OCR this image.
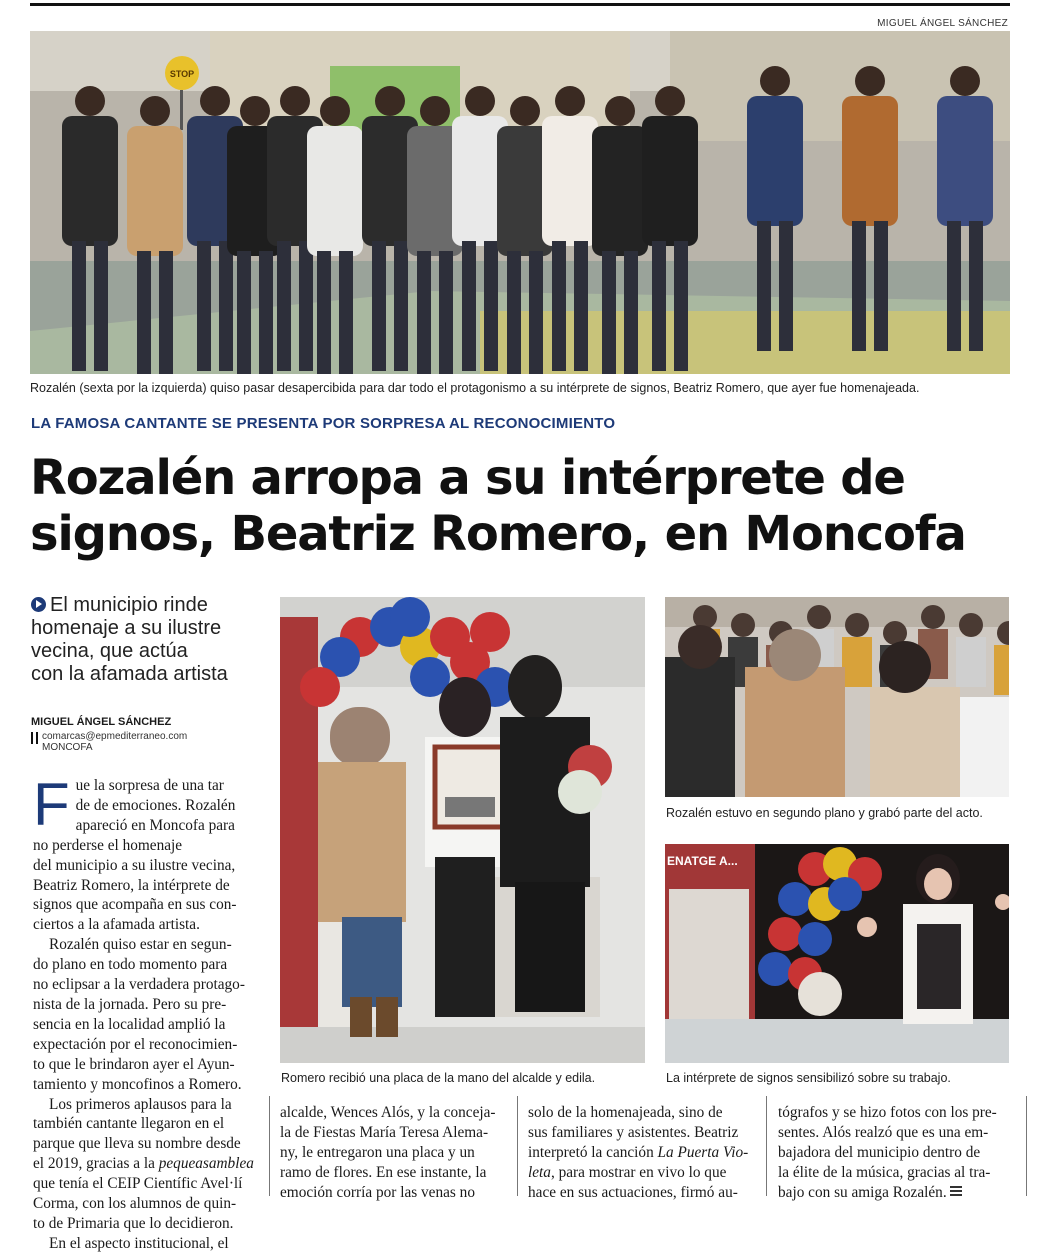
MIGUEL ÁNGEL SÁNCHEZ
STOP
Rozalén (sexta por la izquierda) quiso pasar desapercibida para dar todo el protagonismo a su intérprete de signos, Beatriz Romero, que ayer fue homenajeada.
LA FAMOSA CANTANTE SE PRESENTA POR SORPRESA AL RECONOCIMIENTO
Rozalén arropa a su intérprete de
signos, Beatriz Romero, en Moncofa
El municipio rinde
homenaje a su ilustre
vecina, que actúa
con la afamada artista
MIGUEL ÁNGEL SÁNCHEZ
comarcas@epmediterraneo.com
MONCOFA
F ue la sorpresa de una tar

de de emociones. Rozalén

apareció en Moncofa para

no perderse el homenaje

del municipio a su ilustre vecina,

Beatriz Romero, la intérprete de

signos que acompaña en sus con-

ciertos a la afamada artista.

Rozalén quiso estar en segun-

do plano en todo momento para

no eclipsar a la verdadera protago-

nista de la jornada. Pero su pre-

sencia en la localidad amplió la

expectación por el reconocimien-

to que le brindaron ayer el Ayun-

tamiento y moncofinos a Romero.

Los primeros aplausos para la

también cantante llegaron en el

parque que lleva su nombre desde

el 2019, gracias a la pequeasamblea

que tenía el CEIP Científic Avel·lí

Corma, con los alumnos de quin-

to de Primaria que lo decidieron.

En el aspecto institucional, el

Romero recibió una placa de la mano del alcalde y edila.
Rozalén estuvo en segundo plano y grabó parte del acto.
ENATGE A...
La intérprete de signos sensibilizó sobre su trabajo.

alcalde, Wences Alós, y la conceja-

la de Fiestas María Teresa Alema-

ny, le entregaron una placa y un

ramo de flores. En ese instante, la

emoción corría por las venas no

solo de la homenajeada, sino de

sus familiares y asistentes. Beatriz

interpretó la canción La Puerta Vio-

leta, para mostrar en vivo lo que

hace en sus actuaciones, firmó au-

tógrafos y se hizo fotos con los pre-

sentes. Alós realzó que es una em-

bajadora del municipio dentro de

la élite de la música, gracias al tra-

bajo con su amiga Rozalén.
